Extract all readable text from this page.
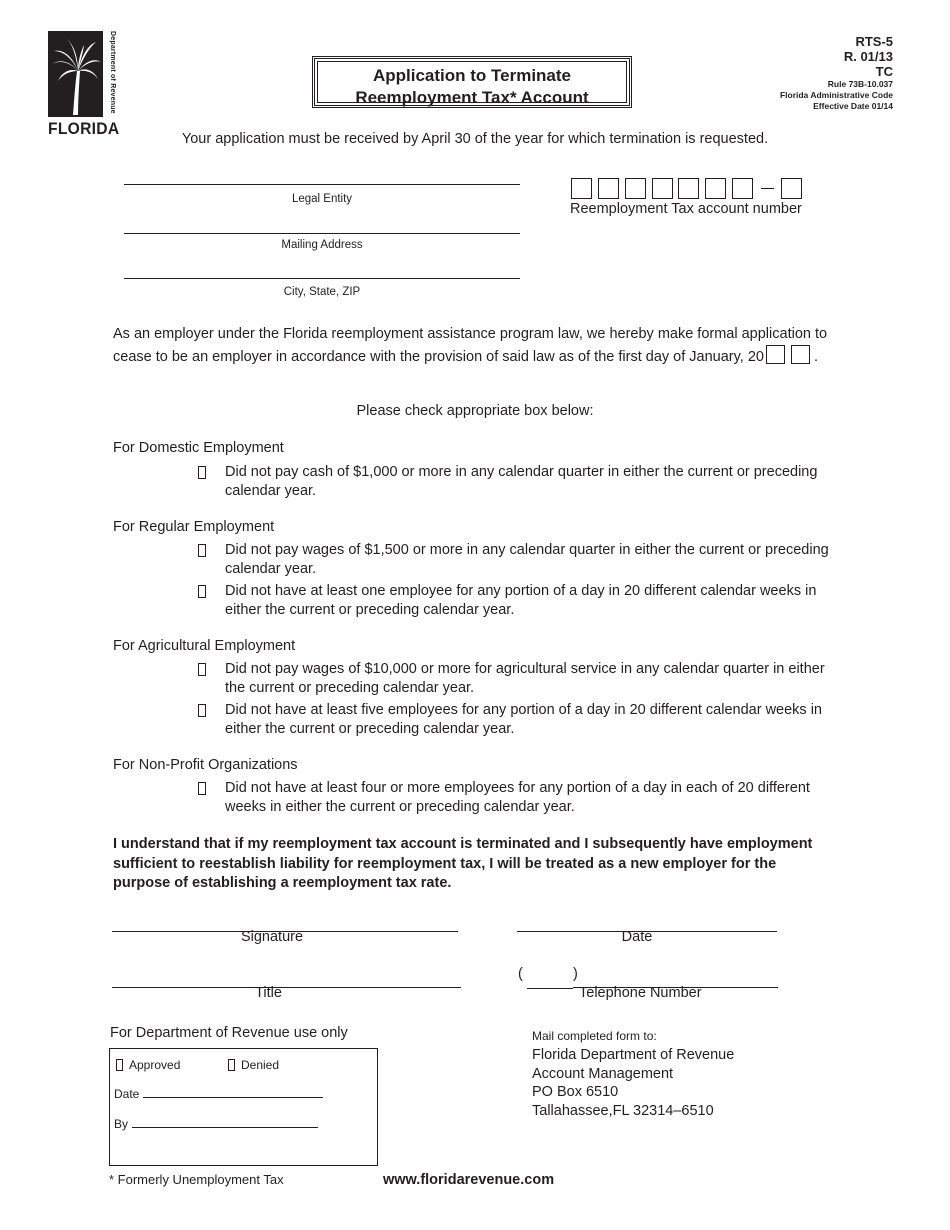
Department of Revenue
FLORIDA
Application to Terminate
Reemployment Tax* Account
RTS-5
R. 01/13
TC
Rule 73B-10.037
Florida Administrative Code
Effective Date 01/14
Your application must be received by April 30 of the year for which termination is requested.
Legal Entity
Mailing Address
City, State, ZIP
Reemployment Tax account number
As an employer under the Florida reemployment assistance program law, we hereby make formal application to cease to be an employer in accordance with the provision of said law as of the first day of January, 20	.
Please check appropriate box below:
For Domestic Employment
Did not pay cash of $1,000 or more in any calendar quarter in either the current or preceding calendar year.
For Regular Employment
Did not pay wages of $1,500 or more in any calendar quarter in either the current or preceding calendar year.
Did not have at least one employee for any portion of a day in 20 different calendar weeks in either the current or preceding calendar year.
For Agricultural Employment
Did not pay wages of $10,000 or more for agricultural service in any calendar quarter in either the current or preceding calendar year.
Did not have at least five employees for any portion of a day in 20 different calendar weeks in either the current or preceding calendar year.
For Non-Profit Organizations
Did not have at least four or more employees for any portion of a day in each of 20 different weeks in either the current or preceding calendar year.
I understand that if my reemployment tax account is terminated and I subsequently have employment sufficient to reestablish liability for reemployment tax, I will be treated as a new employer for the purpose of establishing a reemployment tax rate.
Signature	Date
Title
(	)
Telephone Number
For Department of Revenue use only
Approved	Denied
Date
By
Mail completed form to:
Florida Department of Revenue
Account Management
PO Box 6510
Tallahassee,FL 32314–6510
* Formerly Unemployment Tax	www.floridarevenue.com
